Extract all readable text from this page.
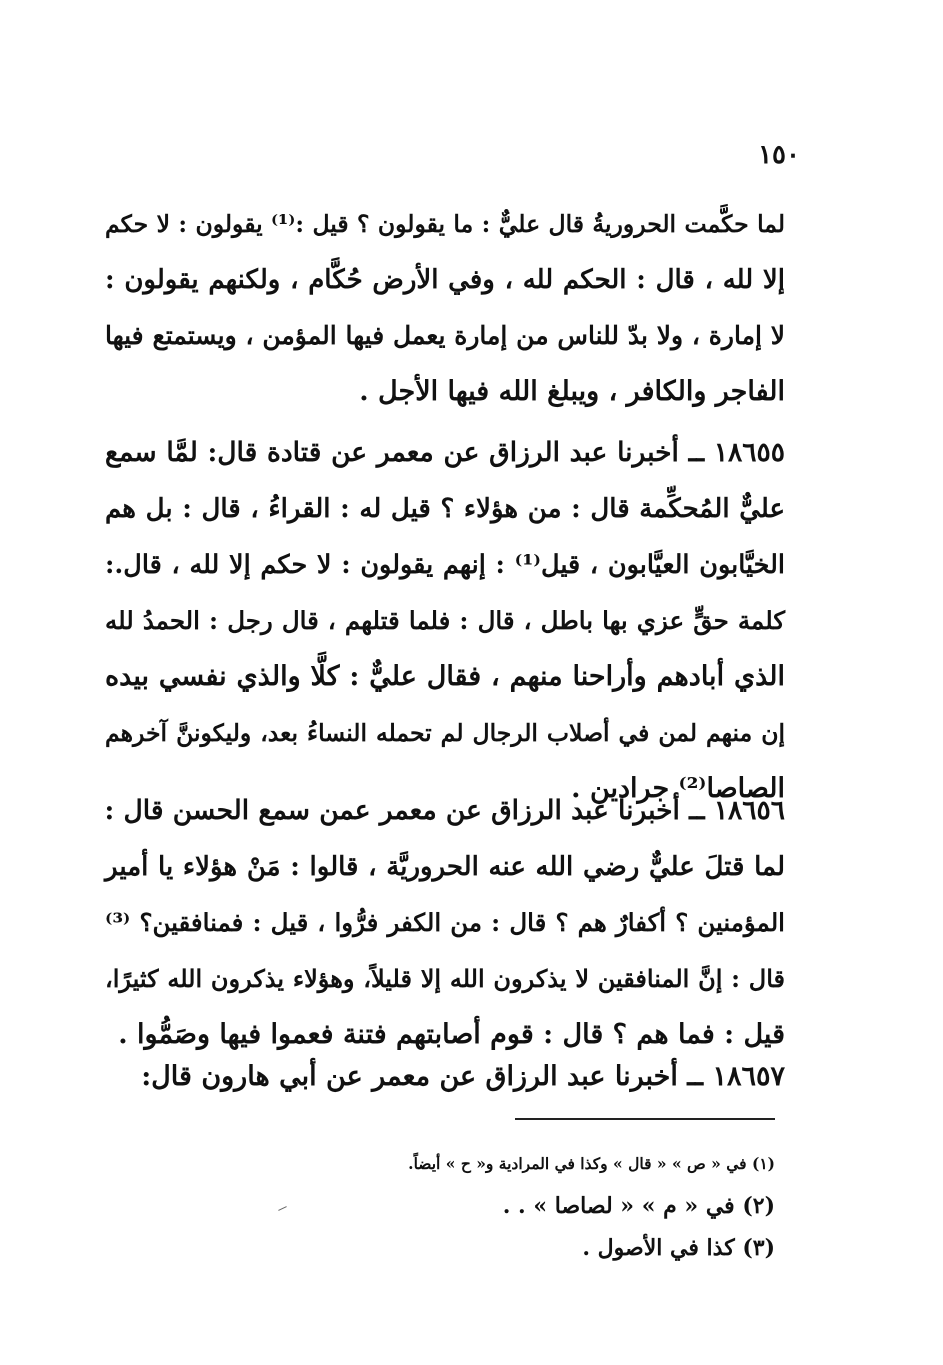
١٥٠
لما حكَّمت الحروريةُ قال عليٌّ : ما يقولون ؟ قيل :⁽¹⁾ يقولون : لا حكم
إلا لله ، قال : الحكم لله ، وفي الأرض حُكَّام ، ولكنهم يقولون :
لا إمارة ، ولا بدّ للناس من إمارة يعمل فيها المؤمن ، ويستمتع فيها
الفاجر والكافر ، ويبلغ الله فيها الأجل .
١٨٦٥٥ ــ أخبرنا عبد الرزاق عن معمر عن قتادة قال: لمَّا سمع
عليٌّ المُحكِّمة قال : من هؤلاء ؟ قيل له : القراءُ ، قال : بل هم
الخيَّابون العيَّابون ، قيل⁽¹⁾ : إنهم يقولون : لا حكم إلا لله ، قال.:
كلمة حقٍّ عزي بها باطل ، قال : فلما قتلهم ، قال رجل : الحمدُ لله
الذي أبادهم وأراحنا منهم ، فقال عليٌّ : كلَّا والذي نفسي بيده
إن منهم لمن في أصلاب الرجال لم تحمله النساءُ بعد، وليكوننَّ آخرهم
الصاصا⁽²⁾ جرادين .
١٨٦٥٦ ــ أخبرنا عبد الرزاق عن معمر عمن سمع الحسن قال :
لما قتلَ عليٌّ رضي الله عنه الحروريَّة ، قالوا : مَنْ هؤلاء يا أمير
المؤمنين ؟ أكفارٌ هم ؟ قال : من الكفر فرُّوا ، قيل : فمنافقين؟ ⁽³⁾
قال : إنَّ المنافقين لا يذكرون الله إلا قليلاً، وهؤلاء يذكرون الله كثيرًا،
قيل : فما هم ؟ قال : قوم أصابتهم فتنة فعموا فيها وصَمُّوا .
١٨٦٥٧ ــ أخبرنا عبد الرزاق عن معمر عن أبي هارون قال:
(١) في « ص » « قال » وكذا في المرادية و« ح » أيضاً.
(٢) في « م » « لصاصا » . .
(٣) كذا في الأصول .
